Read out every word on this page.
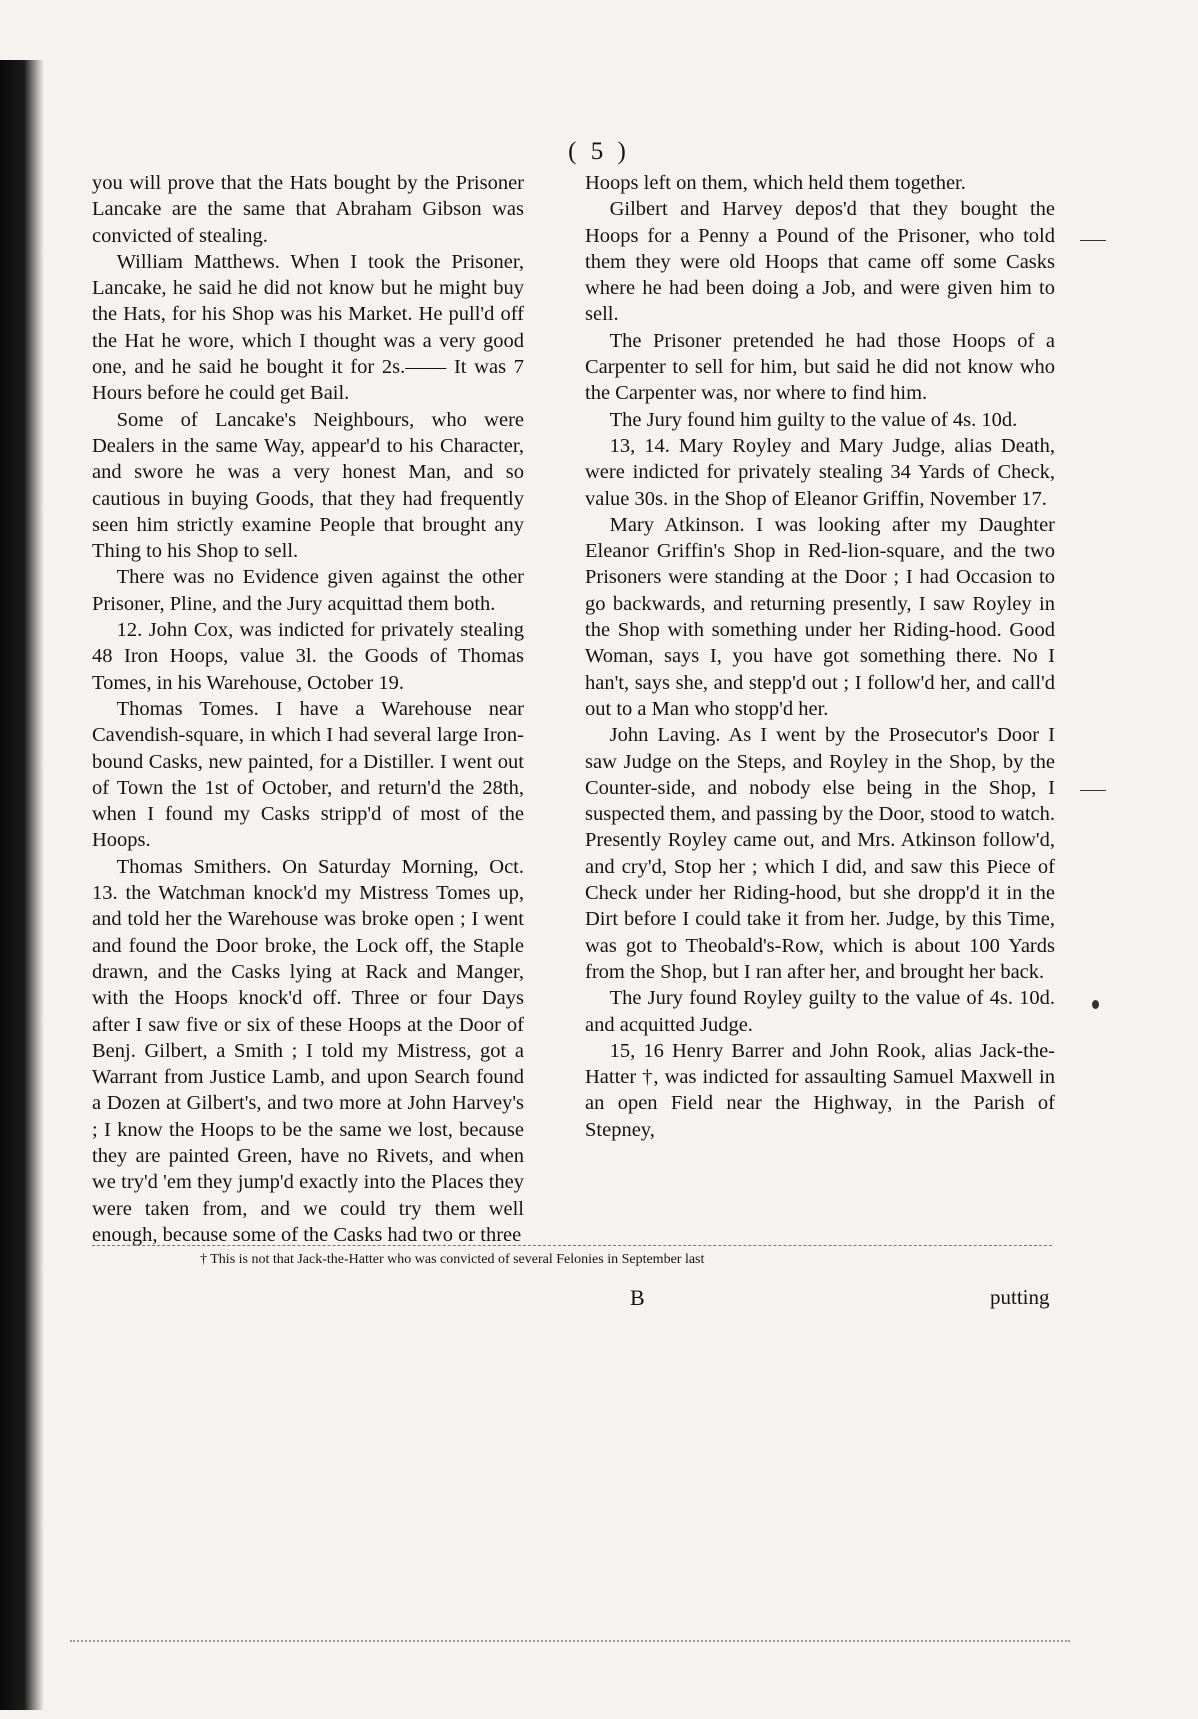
( 5 )

you will prove that the Hats bought by the Prisoner Lancake are the same that Abraham Gibson was convicted of stealing.

William Matthews. When I took the Prisoner, Lancake, he said he did not know but he might buy the Hats, for his Shop was his Market. He pull'd off the Hat he wore, which I thought was a very good one, and he said he bought it for 2s.—— It was 7 Hours before he could get Bail.

Some of Lancake's Neighbours, who were Dealers in the same Way, appear'd to his Character, and swore he was a very honest Man, and so cautious in buying Goods, that they had frequently seen him strictly examine People that brought any Thing to his Shop to sell.

There was no Evidence given against the other Prisoner, Pline, and the Jury acquittad them both.

12. John Cox, was indicted for privately stealing 48 Iron Hoops, value 3l. the Goods of Thomas Tomes, in his Warehouse, October 19.

Thomas Tomes. I have a Warehouse near Cavendish-square, in which I had several large Iron-bound Casks, new painted, for a Distiller. I went out of Town the 1st of October, and return'd the 28th, when I found my Casks stripp'd of most of the Hoops.

Thomas Smithers. On Saturday Morning, Oct. 13. the Watchman knock'd my Mistress Tomes up, and told her the Warehouse was broke open ; I went and found the Door broke, the Lock off, the Staple drawn, and the Casks lying at Rack and Manger, with the Hoops knock'd off. Three or four Days after I saw five or six of these Hoops at the Door of Benj. Gilbert, a Smith ; I told my Mistress, got a Warrant from Justice Lamb, and upon Search found a Dozen at Gilbert's, and two more at John Harvey's ; I know the Hoops to be the same we lost, because they are painted Green, have no Rivets, and when we try'd 'em they jump'd exactly into the Places they were taken from, and we could try them well enough, because some of the Casks had two or three

Hoops left on them, which held them together.

Gilbert and Harvey depos'd that they bought the Hoops for a Penny a Pound of the Prisoner, who told them they were old Hoops that came off some Casks where he had been doing a Job, and were given him to sell.

The Prisoner pretended he had those Hoops of a Carpenter to sell for him, but said he did not know who the Carpenter was, nor where to find him.

The Jury found him guilty to the value of 4s. 10d.

13, 14. Mary Royley and Mary Judge, alias Death, were indicted for privately stealing 34 Yards of Check, value 30s. in the Shop of Eleanor Griffin, November 17.

Mary Atkinson. I was looking after my Daughter Eleanor Griffin's Shop in Red-lion-square, and the two Prisoners were standing at the Door ; I had Occasion to go backwards, and returning presently, I saw Royley in the Shop with something under her Riding-hood. Good Woman, says I, you have got something there. No I han't, says she, and stepp'd out ; I follow'd her, and call'd out to a Man who stopp'd her.

John Laving. As I went by the Prosecutor's Door I saw Judge on the Steps, and Royley in the Shop, by the Counter-side, and nobody else being in the Shop, I suspected them, and passing by the Door, stood to watch. Presently Royley came out, and Mrs. Atkinson follow'd, and cry'd, Stop her ; which I did, and saw this Piece of Check under her Riding-hood, but she dropp'd it in the Dirt before I could take it from her. Judge, by this Time, was got to Theobald's-Row, which is about 100 Yards from the Shop, but I ran after her, and brought her back.

The Jury found Royley guilty to the value of 4s. 10d. and acquitted Judge.

15, 16 Henry Barrer and John Rook, alias Jack-the-Hatter †, was indicted for assaulting Samuel Maxwell in an open Field near the Highway, in the Parish of Stepney,

† This is not that Jack-the-Hatter who was convicted of several Felonies in September last
B	putting
